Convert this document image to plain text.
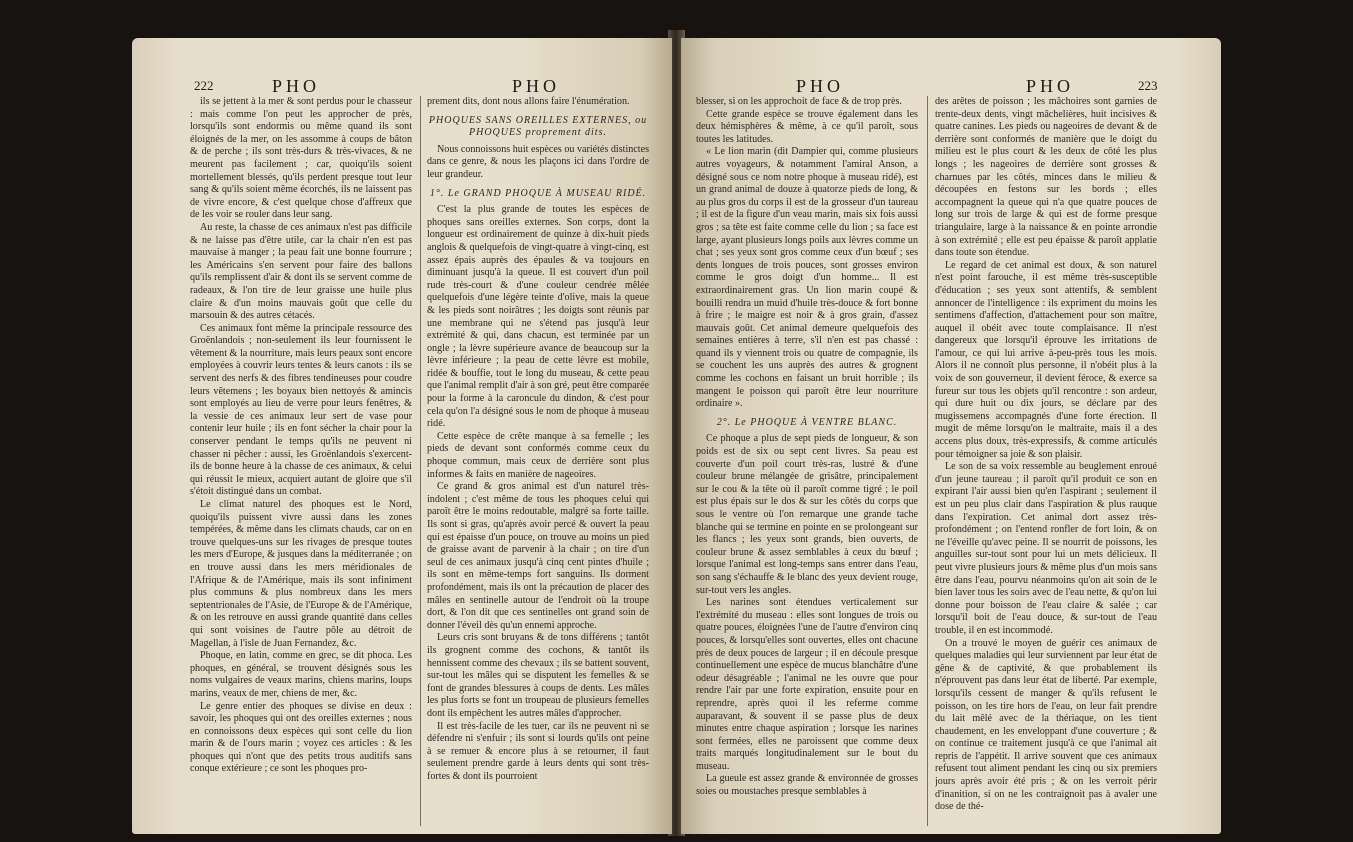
222	PHO	PHO

ils se jettent à la mer & sont perdus pour le chasseur : mais comme l'on peut les approcher de près, lorsqu'ils sont endormis ou même quand ils sont éloignés de la mer, on les assomme à coups de bâton & de perche ; ils sont très-durs & très-vivaces, & ne meurent pas facilement ; car, quoiqu'ils soient mortellement blessés, qu'ils perdent presque tout leur sang & qu'ils soient même écorchés, ils ne laissent pas de vivre encore, & c'est quelque chose d'affreux que de les voir se rouler dans leur sang.

Au reste, la chasse de ces animaux n'est pas difficile & ne laisse pas d'être utile, car la chair n'en est pas mauvaise à manger ; la peau fait une bonne fourrure ; les Américains s'en servent pour faire des ballons qu'ils remplissent d'air & dont ils se servent comme de radeaux, & l'on tire de leur graisse une huile plus claire & d'un moins mauvais goût que celle du marsouin & des autres cétacés.

Ces animaux font même la principale ressource des Groënlandois ; non-seulement ils leur fournissent le vêtement & la nourriture, mais leurs peaux sont encore employées à couvrir leurs tentes & leurs canots : ils se servent des nerfs & des fibres tendineuses pour coudre leurs vêtemens ; les boyaux bien nettoyés & amincis sont employés au lieu de verre pour leurs fenêtres, & la vessie de ces animaux leur sert de vase pour contenir leur huile ; ils en font sécher la chair pour la conserver pendant le temps qu'ils ne peuvent ni chasser ni pêcher : aussi, les Groënlandois s'exercent-ils de bonne heure à la chasse de ces animaux, & celui qui réussit le mieux, acquiert autant de gloire que s'il s'étoit distingué dans un combat.

Le climat naturel des phoques est le Nord, quoiqu'ils puissent vivre aussi dans les zones tempérées, & même dans les climats chauds, car on en trouve quelques-uns sur les rivages de presque toutes les mers d'Europe, & jusques dans la méditerranée ; on en trouve aussi dans les mers méridionales de l'Afrique & de l'Amérique, mais ils sont infiniment plus communs & plus nombreux dans les mers septentrionales de l'Asie, de l'Europe & de l'Amérique, & on les retrouve en aussi grande quantité dans celles qui sont voisines de l'autre pôle au détroit de Magellan, à l'isle de Juan Fernandez, &c.

Phoque, en latin, comme en grec, se dit phoca. Les phoques, en général, se trouvent désignés sous les noms vulgaires de veaux marins, chiens marins, loups marins, veaux de mer, chiens de mer, &c.

Le genre entier des phoques se divise en deux : savoir, les phoques qui ont des oreilles externes ; nous en connoissons deux espèces qui sont celle du lion marin & de l'ours marin ; voyez ces articles : & les phoques qui n'ont que des petits trous auditifs sans conque extérieure ; ce sont les phoques pro-

prement dits, dont nous allons faire l'énumération.

PHOQUES SANS OREILLES EXTERNES, ou PHOQUES proprement dits.

Nous connoissons huit espèces ou variétés distinctes dans ce genre, & nous les plaçons ici dans l'ordre de leur grandeur.

1°. Le GRAND PHOQUE À MUSEAU RIDÉ.

C'est la plus grande de toutes les espèces de phoques sans oreilles externes. Son corps, dont la longueur est ordinairement de quinze à dix-huit pieds anglois & quelquefois de vingt-quatre à vingt-cinq, est assez épais auprès des épaules & va toujours en diminuant jusqu'à la queue. Il est couvert d'un poil rude très-court & d'une couleur cendrée mêlée quelquefois d'une légère teinte d'olive, mais la queue & les pieds sont noirâtres ; les doigts sont réunis par une membrane qui ne s'étend pas jusqu'à leur extrémité & qui, dans chacun, est terminée par un ongle ; la lèvre supérieure avance de beaucoup sur la lèvre inférieure ; la peau de cette lèvre est mobile, ridée & bouffie, tout le long du museau, & cette peau que l'animal remplit d'air à son gré, peut être comparée pour la forme à la caroncule du dindon, & c'est pour cela qu'on l'a désigné sous le nom de phoque à museau ridé.

Cette espèce de crête manque à sa femelle ; les pieds de devant sont conformés comme ceux du phoque commun, mais ceux de derrière sont plus informes & faits en manière de nageoires.

Ce grand & gros animal est d'un naturel très-indolent ; c'est même de tous les phoques celui qui paroît être le moins redoutable, malgré sa forte taille. Ils sont si gras, qu'après avoir percé & ouvert la peau qui est épaisse d'un pouce, on trouve au moins un pied de graisse avant de parvenir à la chair ; on tire d'un seul de ces animaux jusqu'à cinq cent pintes d'huile ; ils sont en même-temps fort sanguins. Ils dorment profondément, mais ils ont la précaution de placer des mâles en sentinelle autour de l'endroit où la troupe dort, & l'on dit que ces sentinelles ont grand soin de donner l'éveil dès qu'un ennemi approche.

Leurs cris sont bruyans & de tons différens ; tantôt ils grognent comme des cochons, & tantôt ils hennissent comme des chevaux ; ils se battent souvent, sur-tout les mâles qui se disputent les femelles & se font de grandes blessures à coups de dents. Les mâles les plus forts se font un troupeau de plusieurs femelles dont ils empêchent les autres mâles d'approcher.

Il est très-facile de les tuer, car ils ne peuvent ni se défendre ni s'enfuir ; ils sont si lourds qu'ils ont peine à se remuer & encore plus à se retourner, il faut seulement prendre garde à leurs dents qui sont très-fortes & dont ils pourroient

PHO	PHO	223

blesser, si on les approchoit de face & de trop près.

Cette grande espèce se trouve également dans les deux hémisphères & même, à ce qu'il paroît, sous toutes les latitudes.

« Le lion marin (dit Dampier qui, comme plusieurs autres voyageurs, & notamment l'amiral Anson, a désigné sous ce nom notre phoque à museau ridé), est un grand animal de douze à quatorze pieds de long, & au plus gros du corps il est de la grosseur d'un taureau ; il est de la figure d'un veau marin, mais six fois aussi gros ; sa tête est faite comme celle du lion ; sa face est large, ayant plusieurs longs poils aux lèvres comme un chat ; ses yeux sont gros comme ceux d'un bœuf ; ses dents longues de trois pouces, sont grosses environ comme le gros doigt d'un homme... Il est extraordinairement gras. Un lion marin coupé & bouilli rendra un muid d'huile très-douce & fort bonne à frire ; le maigre est noir & à gros grain, d'assez mauvais goût. Cet animal demeure quelquefois des semaines entières à terre, s'il n'en est pas chassé : quand ils y viennent trois ou quatre de compagnie, ils se couchent les uns auprès des autres & grognent comme les cochons en faisant un bruit horrible ; ils mangent le poisson qui paroît être leur nourriture ordinaire ».

2°. Le PHOQUE À VENTRE BLANC.

Ce phoque a plus de sept pieds de longueur, & son poids est de six ou sept cent livres. Sa peau est couverte d'un poil court très-ras, lustré & d'une couleur brune mélangée de grisâtre, principalement sur le cou & la tête où il paroît comme tigré ; le poil est plus épais sur le dos & sur les côtés du corps que sous le ventre où l'on remarque une grande tache blanche qui se termine en pointe en se prolongeant sur les flancs ; les yeux sont grands, bien ouverts, de couleur brune & assez semblables à ceux du bœuf ; lorsque l'animal est long-temps sans entrer dans l'eau, son sang s'échauffe & le blanc des yeux devient rouge, sur-tout vers les angles.

Les narines sont étendues verticalement sur l'extrémité du museau : elles sont longues de trois ou quatre pouces, éloignées l'une de l'autre d'environ cinq pouces, & lorsqu'elles sont ouvertes, elles ont chacune près de deux pouces de largeur ; il en découle presque continuellement une espèce de mucus blanchâtre d'une odeur désagréable ; l'animal ne les ouvre que pour rendre l'air par une forte expiration, ensuite pour en reprendre, après quoi il les referme comme auparavant, & souvent il se passe plus de deux minutes entre chaque aspiration ; lorsque les narines sont fermées, elles ne paroissent que comme deux traits marqués longitudinalement sur le bout du museau.

La gueule est assez grande & environnée de grosses soies ou moustaches presque semblables à

des arêtes de poisson ; les mâchoires sont garnies de trente-deux dents, vingt mâchelières, huit incisives & quatre canines. Les pieds ou nageoires de devant & de derrière sont conformés de manière que le doigt du milieu est le plus court & les deux de côté les plus longs ; les nageoires de derrière sont grosses & charnues par les côtés, minces dans le milieu & découpées en festons sur les bords ; elles accompagnent la queue qui n'a que quatre pouces de long sur trois de large & qui est de forme presque triangulaire, large à la naissance & en pointe arrondie à son extrémité ; elle est peu épaisse & paroît applatie dans toute son étendue.

Le regard de cet animal est doux, & son naturel n'est point farouche, il est même très-susceptible d'éducation ; ses yeux sont attentifs, & semblent annoncer de l'intelligence : ils expriment du moins les sentimens d'affection, d'attachement pour son maître, auquel il obéit avec toute complaisance. Il n'est dangereux que lorsqu'il éprouve les irritations de l'amour, ce qui lui arrive à-peu-près tous les mois. Alors il ne connoît plus personne, il n'obéit plus à la voix de son gouverneur, il devient féroce, & exerce sa fureur sur tous les objets qu'il rencontre : son ardeur, qui dure huit ou dix jours, se déclare par des mugissemens accompagnés d'une forte érection. Il mugit de même lorsqu'on le maltraite, mais il a des accens plus doux, très-expressifs, & comme articulés pour témoigner sa joie & son plaisir.

Le son de sa voix ressemble au beuglement enroué d'un jeune taureau ; il paroît qu'il produit ce son en expirant l'air aussi bien qu'en l'aspirant ; seulement il est un peu plus clair dans l'aspiration & plus rauque dans l'expiration. Cet animal dort assez très-profondément ; on l'entend ronfler de fort loin, & on ne l'éveille qu'avec peine. Il se nourrit de poissons, les anguilles sur-tout sont pour lui un mets délicieux. Il peut vivre plusieurs jours & même plus d'un mois sans être dans l'eau, pourvu néanmoins qu'on ait soin de le bien laver tous les soirs avec de l'eau nette, & qu'on lui donne pour boisson de l'eau claire & salée ; car lorsqu'il boit de l'eau douce, & sur-tout de l'eau trouble, il en est incommodé.

On a trouvé le moyen de guérir ces animaux de quelques maladies qui leur surviennent par leur état de gêne & de captivité, & que probablement ils n'éprouvent pas dans leur état de liberté. Par exemple, lorsqu'ils cessent de manger & qu'ils refusent le poisson, on les tire hors de l'eau, on leur fait prendre du lait mêlé avec de la thériaque, on les tient chaudement, en les enveloppant d'une couverture ; & on continue ce traitement jusqu'à ce que l'animal ait repris de l'appétit. Il arrive souvent que ces animaux refusent tout aliment pendant les cinq ou six premiers jours après avoir été pris ; & on les verroit périr d'inanition, si on ne les contraignoit pas à avaler une dose de thé-
